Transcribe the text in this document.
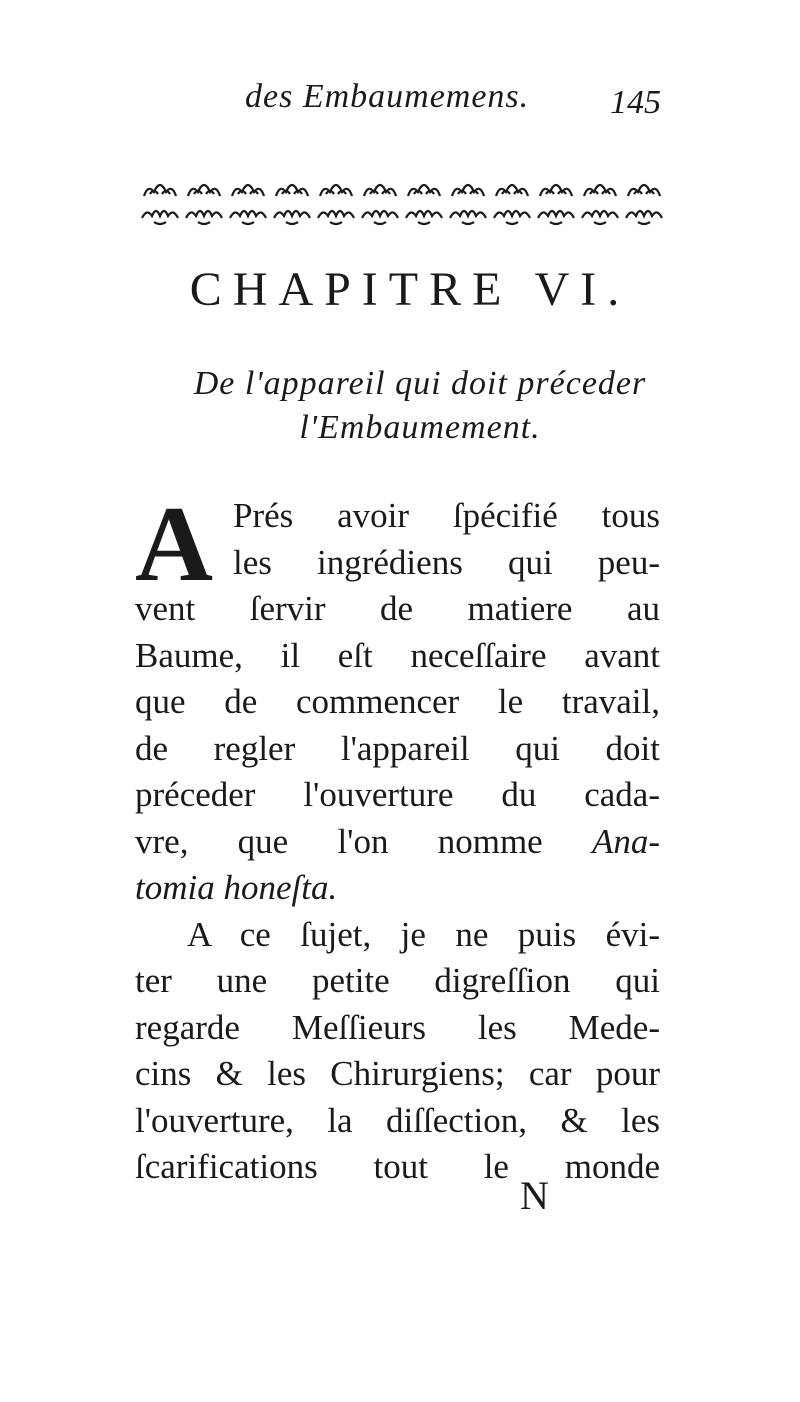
des Embaumemens. 145
CHAPITRE VI.
De l'appareil qui doit préceder
l'Embaumement.
A Prés avoir ſpécifié tous
les ingrédiens qui peu-
vent ſervir de matiere au
Baume, il eſt neceſſaire avant
que de commencer le travail,
de regler l'appareil qui doit
préceder l'ouverture du cada-
vre, que l'on nomme Ana-
tomia honeſta.
A ce ſujet, je ne puis évi-
ter une petite digreſſion qui
regarde Meſſieurs les Mede-
cins & les Chirurgiens; car pour
l'ouverture, la diſſection, & les
ſcarifications tout le monde
N
